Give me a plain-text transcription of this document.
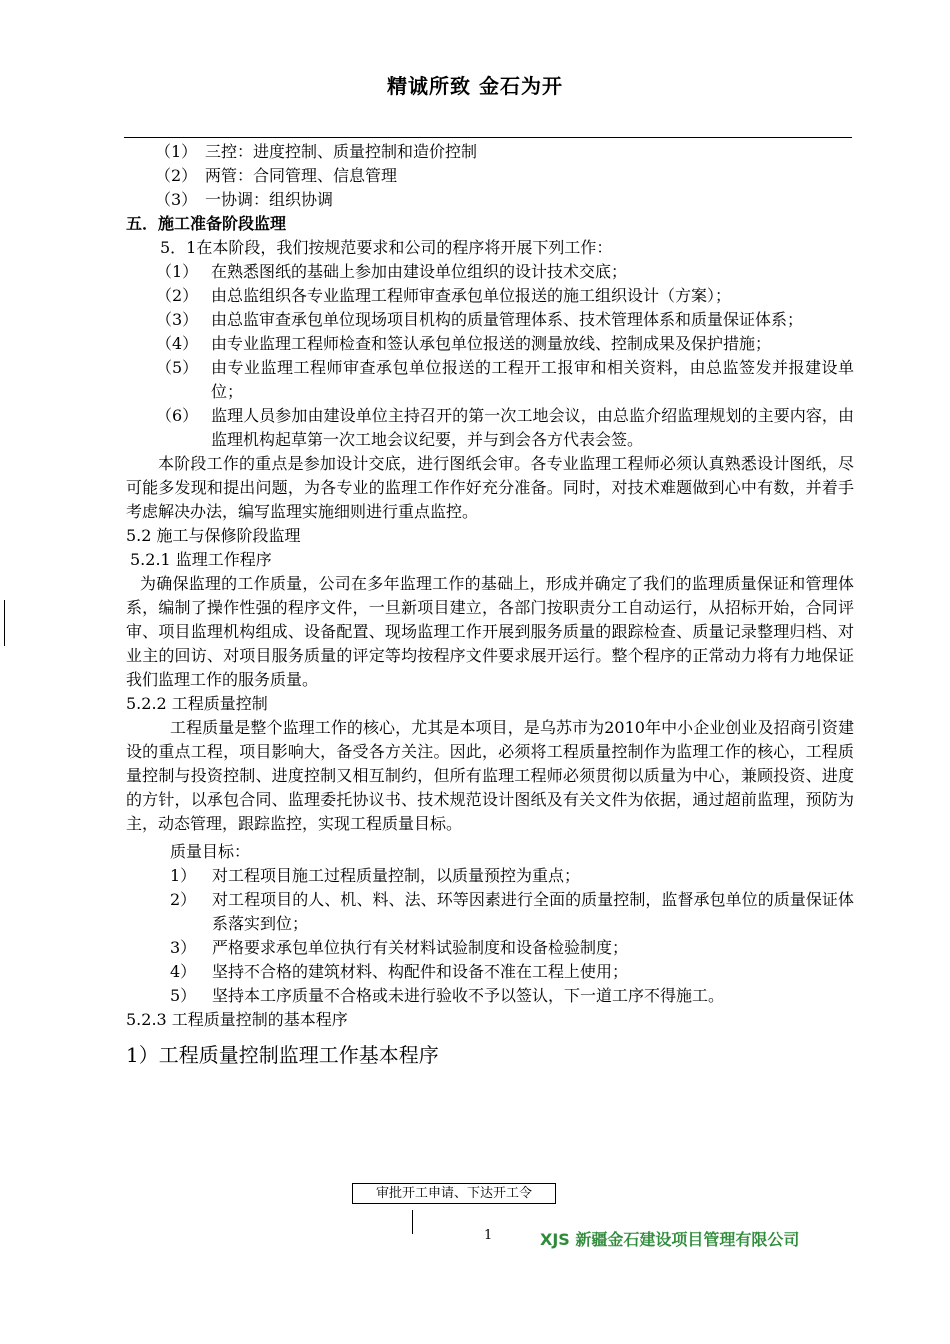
精诚所致 金石为开
（1） 三控：进度控制、质量控制和造价控制
（2） 两管：合同管理、信息管理
（3） 一协调：组织协调

五．施工准备阶段监理

5．1在本阶段，我们按规范要求和公司的程序将开展下列工作：

（1） 在熟悉图纸的基础上参加由建设单位组织的设计技术交底；
（2） 由总监组织各专业监理工程师审查承包单位报送的施工组织设计（方案）；
（3） 由总监审查承包单位现场项目机构的质量管理体系、技术管理体系和质量保证体系；
（4） 由专业监理工程师检查和签认承包单位报送的测量放线、控制成果及保护措施；
（5） 由专业监理工程师审查承包单位报送的工程开工报审和相关资料，由总监签发并报建设单位；
（6） 监理人员参加由建设单位主持召开的第一次工地会议，由总监介绍监理规划的主要内容，由监理机构起草第一次工地会议纪要，并与到会各方代表会签。

本阶段工作的重点是参加设计交底，进行图纸会审。各专业监理工程师必须认真熟悉设计图纸，尽可能多发现和提出问题，为各专业的监理工作作好充分准备。同时，对技术难题做到心中有数，并着手考虑解决办法，编写监理实施细则进行重点监控。

5.2 施工与保修阶段监理

5.2.1 监理工作程序

为确保监理的工作质量，公司在多年监理工作的基础上，形成并确定了我们的监理质量保证和管理体系，编制了操作性强的程序文件，一旦新项目建立，各部门按职责分工自动运行，从招标开始，合同评审、项目监理机构组成、设备配置、现场监理工作开展到服务质量的跟踪检查、质量记录整理归档、对业主的回访、对项目服务质量的评定等均按程序文件要求展开运行。整个程序的正常动力将有力地保证我们监理工作的服务质量。

5.2.2 工程质量控制

工程质量是整个监理工作的核心，尤其是本项目，是乌苏市为2010年中小企业创业及招商引资建设的重点工程，项目影响大，备受各方关注。因此，必须将工程质量控制作为监理工作的核心，工程质量控制与投资控制、进度控制又相互制约，但所有监理工程师必须贯彻以质量为中心，兼顾投资、进度的方针，以承包合同、监理委托协议书、技术规范设计图纸及有关文件为依据，通过超前监理，预防为主，动态管理，跟踪监控，实现工程质量目标。

质量目标：

1） 对工程项目施工过程质量控制，以质量预控为重点；
2） 对工程项目的人、机、料、法、环等因素进行全面的质量控制，监督承包单位的质量保证体系落实到位；
3） 严格要求承包单位执行有关材料试验制度和设备检验制度；
4） 坚持不合格的建筑材料、构配件和设备不准在工程上使用；
5） 坚持本工序质量不合格或未进行验收不予以签认，下一道工序不得施工。

5.2.3 工程质量控制的基本程序

1）工程质量控制监理工作基本程序

审批开工申请、下达开工令
1	XJS 新疆金石建设项目管理有限公司
